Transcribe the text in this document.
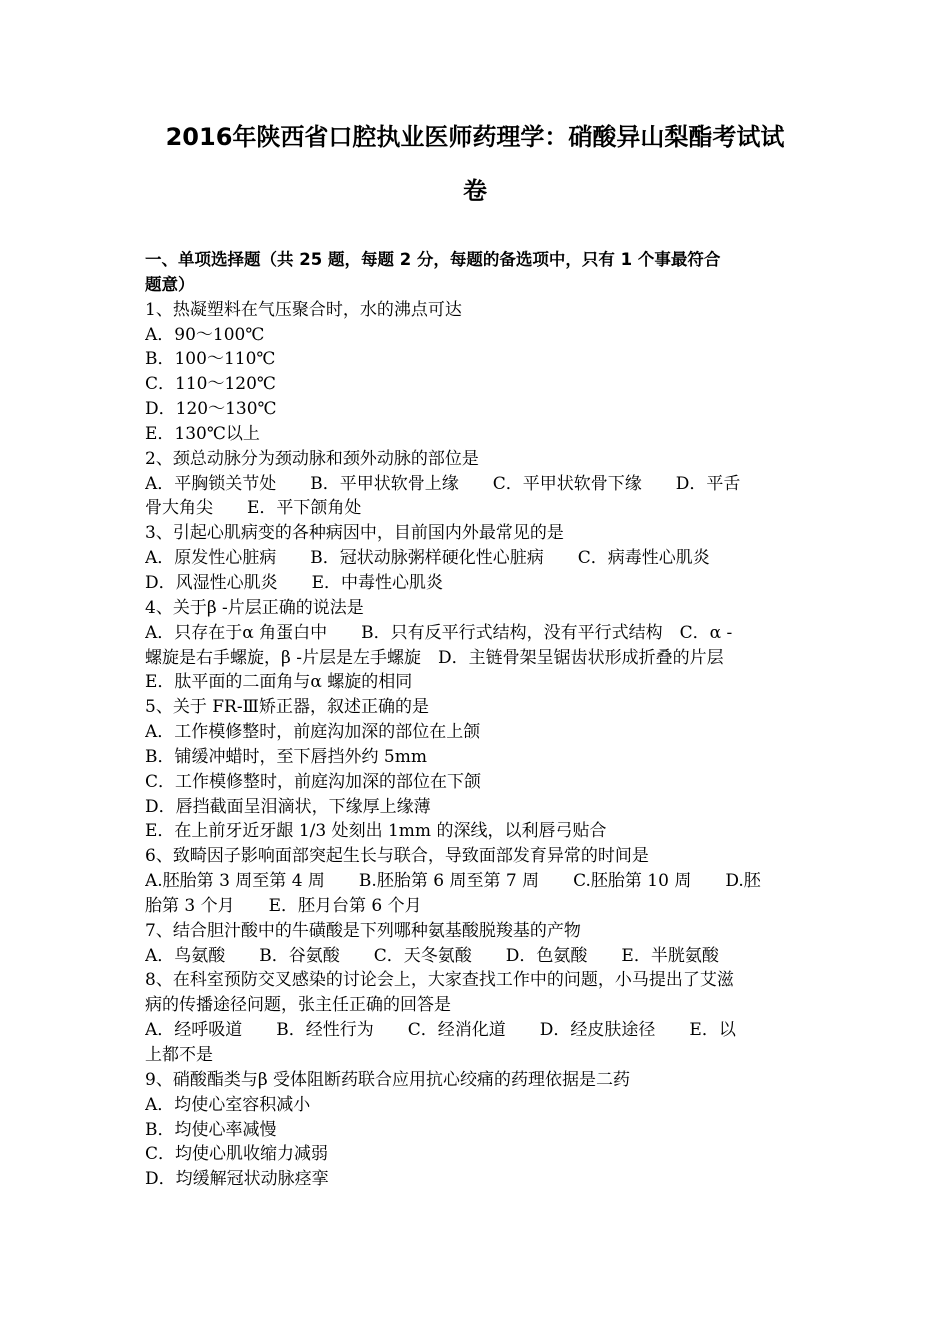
2016年陕西省口腔执业医师药理学：硝酸异山梨酯考试试
卷
一、单项选择题（共 25 题，每题 2 分，每题的备选项中，只有 1 个事最符合
题意）
1、热凝塑料在气压聚合时，水的沸点可达
A．90～100℃
B．100～110℃
C．110～120℃
D．120～130℃
E．130℃以上
2、颈总动脉分为颈动脉和颈外动脉的部位是
A．平胸锁关节处　　B．平甲状软骨上缘　　C．平甲状软骨下缘　　D．平舌
骨大角尖　　E．平下颌角处
3、引起心肌病变的各种病因中，目前国内外最常见的是
A．原发性心脏病　　B．冠状动脉粥样硬化性心脏病　　C．病毒性心肌炎
D．风湿性心肌炎　　E．中毒性心肌炎
4、关于β -片层正确的说法是
A．只存在于α 角蛋白中　　B．只有反平行式结构，没有平行式结构　C．α -
螺旋是右手螺旋，β -片层是左手螺旋　D．主链骨架呈锯齿状形成折叠的片层
E．肽平面的二面角与α 螺旋的相同
5、关于 FR-Ⅲ矫正器，叙述正确的是
A．工作模修整时，前庭沟加深的部位在上颌
B．铺缓冲蜡时，至下唇挡外约 5mm
C．工作模修整时，前庭沟加深的部位在下颌
D．唇挡截面呈泪滴状，下缘厚上缘薄
E．在上前牙近牙龈 1/3 处刻出 1mm 的深线，以利唇弓贴合
6、致畸因子影响面部突起生长与联合，导致面部发育异常的时间是
A.胚胎第 3 周至第 4 周　　B.胚胎第 6 周至第 7 周　　C.胚胎第 10 周　　D.胚
胎第 3 个月　　E．胚月台第 6 个月
7、结合胆汁酸中的牛磺酸是下列哪种氨基酸脱羧基的产物
A．鸟氨酸　　B．谷氨酸　　C．天冬氨酸　　D．色氨酸　　E．半胱氨酸
8、在科室预防交叉感染的讨论会上，大家查找工作中的问题，小马提出了艾滋
病的传播途径问题，张主任正确的回答是
A．经呼吸道　　B．经性行为　　C．经消化道　　D．经皮肤途径　　E．以
上都不是
9、硝酸酯类与β 受体阻断药联合应用抗心绞痛的药理依据是二药
A．均使心室容积减小
B．均使心率减慢
C．均使心肌收缩力减弱
D．均缓解冠状动脉痉挛
